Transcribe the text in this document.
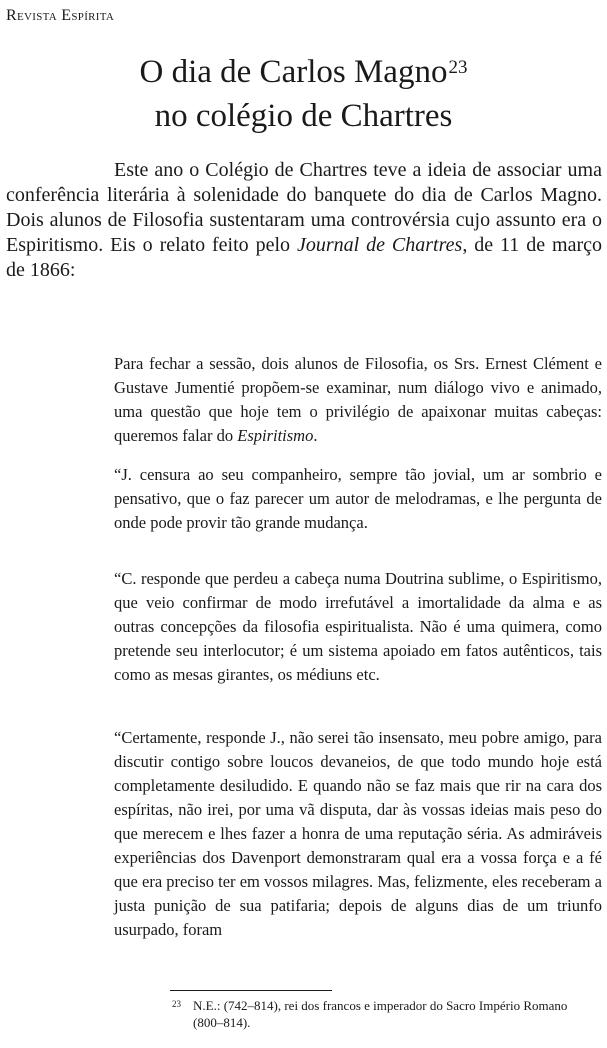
Revista Espírita
O dia de Carlos Magno$^{23}$
no colégio de Chartres

Este ano o Colégio de Chartres teve a ideia de associar uma conferência literária à solenidade do banquete do dia de Carlos Magno. Dois alunos de Filosofia sustentaram uma controvérsia cujo assunto era o Espiritismo. Eis o relato feito pelo Journal de Chartres, de 11 de março de 1866:

Para fechar a sessão, dois alunos de Filosofia, os Srs. Ernest Clément e Gustave Jumentié propõem-se examinar, num diálogo vivo e animado, uma questão que hoje tem o privilégio de apaixonar muitas cabeças: queremos falar do Espiritismo.

“J. censura ao seu companheiro, sempre tão jovial, um ar sombrio e pensativo, que o faz parecer um autor de melodramas, e lhe pergunta de onde pode provir tão grande mudança.

“C. responde que perdeu a cabeça numa Doutrina sublime, o Espiritismo, que veio confirmar de modo irrefutável a imortalidade da alma e as outras concepções da filosofia espiritualista. Não é uma quimera, como pretende seu interlocutor; é um sistema apoiado em fatos autênticos, tais como as mesas girantes, os médiuns etc.

“Certamente, responde J., não serei tão insensato, meu pobre amigo, para discutir contigo sobre loucos devaneios, de que todo mundo hoje está completamente desiludido. E quando não se faz mais que rir na cara dos espíritas, não irei, por uma vã disputa, dar às vossas ideias mais peso do que merecem e lhes fazer a honra de uma reputação séria. As admiráveis experiências dos Davenport demonstraram qual era a vossa força e a fé que era preciso ter em vossos milagres. Mas, felizmente, eles receberam a justa punição de sua patifaria; depois de alguns dias de um triunfo usurpado, foram

$^{23}$ N.E.: (742–814), rei dos francos e imperador do Sacro Império Romano (800–814).
